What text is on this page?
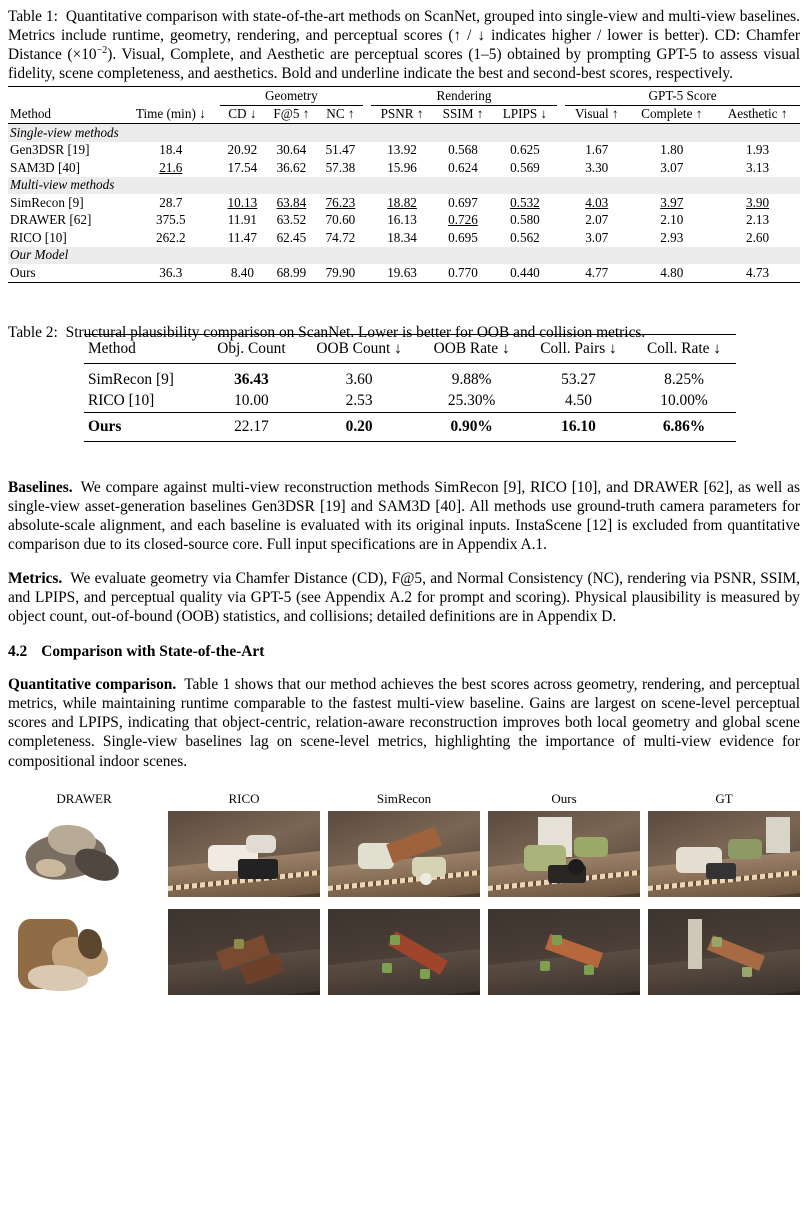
Table 1: Quantitative comparison with state-of-the-art methods on ScanNet, grouped into single-view and multi-view baselines. Metrics include runtime, geometry, rendering, and perceptual scores (↑ / ↓ indicates higher / lower is better). CD: Chamfer Distance $(\times 10^{-2})$. Visual, Complete, and Aesthetic are perceptual scores (1–5) obtained by prompting GPT-5 to assess visual fidelity, scene completeness, and aesthetics. Bold and underline indicate the best and second-best scores, respectively.
		Geometry				Rendering				GPT-5 Score		
Method	Time (min) ↓	CD ↓	F@5 ↑	NC ↑		PSNR ↑	SSIM ↑	LPIPS ↓		Visual ↑	Complete ↑	Aesthetic ↑
Single-view methods												
Gen3DSR [19]	18.4	20.92	30.64	51.47		13.92	0.568	0.625		1.67	1.80	1.93
SAM3D [40]	21.6	17.54	36.62	57.38		15.96	0.624	0.569		3.30	3.07	3.13
Multi-view methods												
SimRecon [9]	28.7	10.13	63.84	76.23		18.82	0.697	0.532		4.03	3.97	3.90
DRAWER [62]	375.5	11.91	63.52	70.60		16.13	0.726	0.580		2.07	2.10	2.13
RICO [10]	262.2	11.47	62.45	74.72		18.34	0.695	0.562		3.07	2.93	2.60
Our Model												
Ours	36.3	8.40	68.99	79.90		19.63	0.770	0.440		4.77	4.80	4.73
Table 2: Structural plausibility comparison on ScanNet. Lower is better for OOB and collision metrics.
Method	Obj. Count	OOB Count ↓	OOB Rate ↓	Coll. Pairs ↓	Coll. Rate ↓
SimRecon [9]	36.43	3.60	9.88%	53.27	8.25%
RICO [10]	10.00	2.53	25.30%	4.50	10.00%
Ours	22.17	0.20	0.90%	16.10	6.86%
Baselines. We compare against multi-view reconstruction methods SimRecon [9], RICO [10], and DRAWER [62], as well as single-view asset-generation baselines Gen3DSR [19] and SAM3D [40]. All methods use ground-truth camera parameters for absolute-scale alignment, and each baseline is evaluated with its original inputs. InstaScene [12] is excluded from quantitative comparison due to its closed-source core. Full input specifications are in Appendix A.1.
Metrics. We evaluate geometry via Chamfer Distance (CD), F@5, and Normal Consistency (NC), rendering via PSNR, SSIM, and LPIPS, and perceptual quality via GPT-5 (see Appendix A.2 for prompt and scoring). Physical plausibility is measured by object count, out-of-bound (OOB) statistics, and collisions; detailed definitions are in Appendix D.
4.2 Comparison with State-of-the-Art
Quantitative comparison. Table 1 shows that our method achieves the best scores across geometry, rendering, and perceptual metrics, while maintaining runtime comparable to the fastest multi-view baseline. Gains are largest on scene-level perceptual scores and LPIPS, indicating that object-centric, relation-aware reconstruction improves both local geometry and global scene completeness. Single-view baselines lag on scene-level metrics, highlighting the importance of multi-view evidence for compositional indoor scenes.
DRAWER	RICO	SimRecon	Ours	GT
